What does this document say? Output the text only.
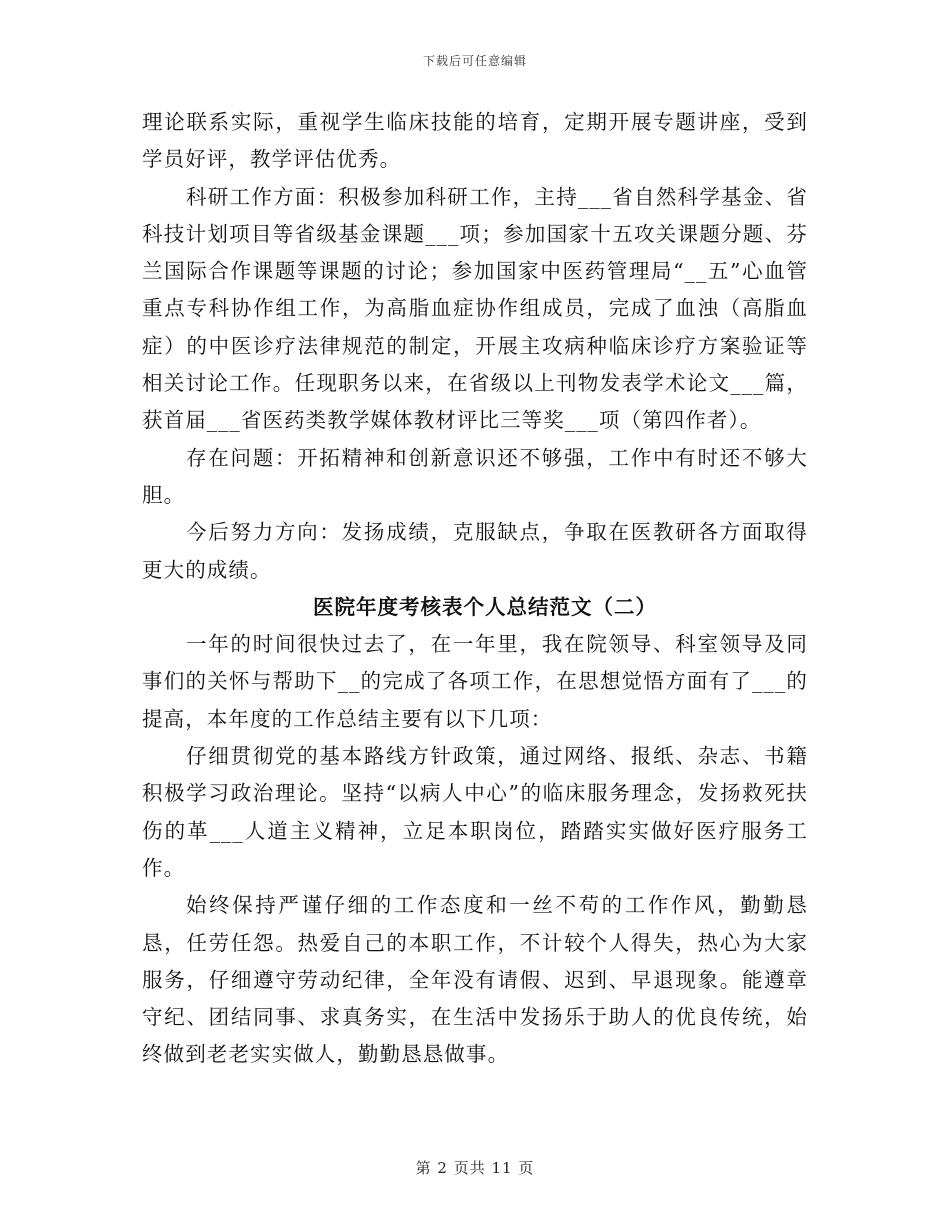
下载后可任意编辑

理论联系实际，重视学生临床技能的培育，定期开展专题讲座，受到学员好评，教学评估优秀。

科研工作方面：积极参加科研工作，主持___省自然科学基金、省科技计划项目等省级基金课题___项；参加国家十五攻关课题分题、芬兰国际合作课题等课题的讨论；参加国家中医药管理局“__五”心血管重点专科协作组工作，为高脂血症协作组成员，完成了血浊（高脂血症）的中医诊疗法律规范的制定，开展主攻病种临床诊疗方案验证等相关讨论工作。任现职务以来，在省级以上刊物发表学术论文___篇，获首届___省医药类教学媒体教材评比三等奖___项（第四作者）。

存在问题：开拓精神和创新意识还不够强，工作中有时还不够大胆。

今后努力方向：发扬成绩，克服缺点，争取在医教研各方面取得更大的成绩。

医院年度考核表个人总结范文（二）

一年的时间很快过去了，在一年里，我在院领导、科室领导及同事们的关怀与帮助下__的完成了各项工作，在思想觉悟方面有了___的提高，本年度的工作总结主要有以下几项：

仔细贯彻党的基本路线方针政策，通过网络、报纸、杂志、书籍积极学习政治理论。坚持“以病人中心”的临床服务理念，发扬救死扶伤的革___人道主义精神，立足本职岗位，踏踏实实做好医疗服务工作。

始终保持严谨仔细的工作态度和一丝不苟的工作作风，勤勤恳恳，任劳任怨。热爱自己的本职工作，不计较个人得失，热心为大家服务，仔细遵守劳动纪律，全年没有请假、迟到、早退现象。能遵章守纪、团结同事、求真务实，在生活中发扬乐于助人的优良传统，始终做到老老实实做人，勤勤恳恳做事。

第 2 页共 11 页
